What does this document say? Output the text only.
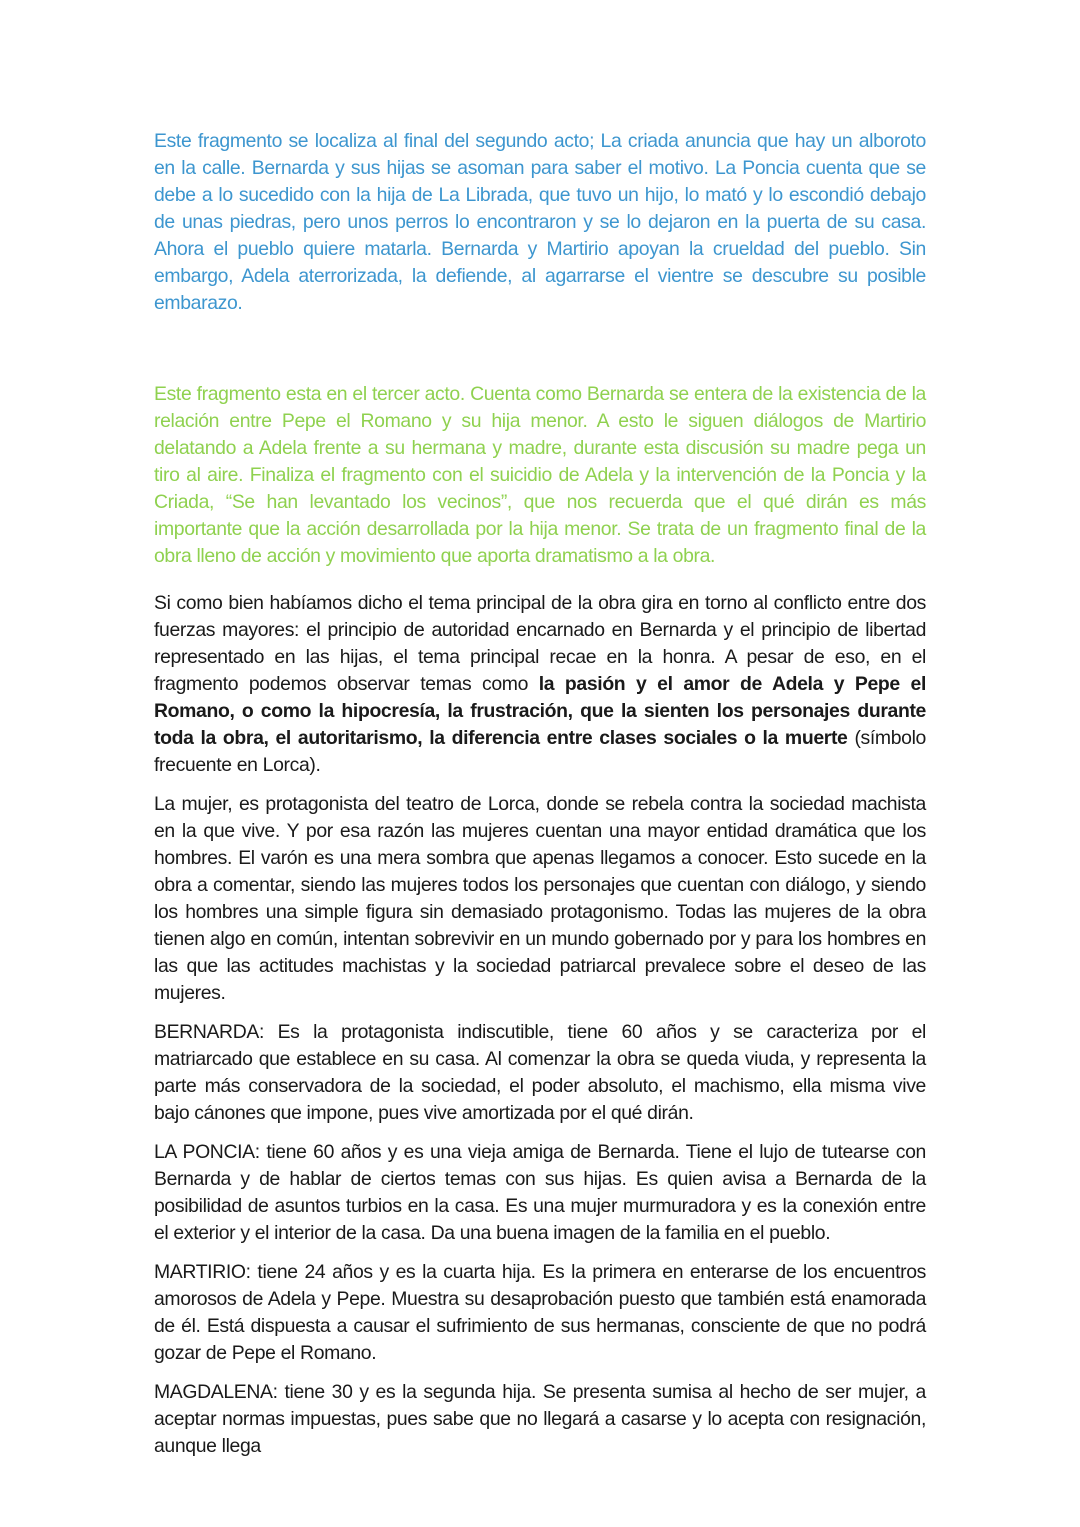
Este fragmento se localiza al final del segundo acto; La criada anuncia que hay un alboroto en la calle. Bernarda y sus hijas se asoman para saber el motivo. La Poncia cuenta que se debe a lo sucedido con la hija de La Librada, que tuvo un hijo, lo mató y lo escondió debajo de unas piedras, pero unos perros lo encontraron y se lo dejaron en la puerta de su casa. Ahora el pueblo quiere matarla. Bernarda y Martirio apoyan la crueldad del pueblo. Sin embargo, Adela aterrorizada, la defiende, al agarrarse el vientre se descubre su posible embarazo.

Este fragmento esta en el tercer acto. Cuenta como Bernarda se entera de la existencia de la relación entre Pepe el Romano y su hija menor. A esto le siguen diálogos de Martirio delatando a Adela frente a su hermana y madre, durante esta discusión su madre pega un tiro al aire. Finaliza el fragmento con el suicidio de Adela y la intervención de la Poncia y la Criada, “Se han levantado los vecinos”, que nos recuerda que el qué dirán es más importante que la acción desarrollada por la hija menor. Se trata de un fragmento final de la obra lleno de acción y movimiento que aporta dramatismo a la obra.

Si como bien habíamos dicho el tema principal de la obra gira en torno al conflicto entre dos fuerzas mayores: el principio de autoridad encarnado en Bernarda y el principio de libertad representado en las hijas, el tema principal recae en la honra. A pesar de eso, en el fragmento podemos observar temas como la pasión y el amor de Adela y Pepe el Romano, o como la hipocresía, la frustración, que la sienten los personajes durante toda la obra, el autoritarismo, la diferencia entre clases sociales o la muerte (símbolo frecuente en Lorca).

La mujer, es protagonista del teatro de Lorca, donde se rebela contra la sociedad machista en la que vive. Y por esa razón las mujeres cuentan una mayor entidad dramática que los hombres. El varón es una mera sombra que apenas llegamos a conocer. Esto sucede en la obra a comentar, siendo las mujeres todos los personajes que cuentan con diálogo, y siendo los hombres una simple figura sin demasiado protagonismo. Todas las mujeres de la obra tienen algo en común, intentan sobrevivir en un mundo gobernado por y para los hombres en las que las actitudes machistas y la sociedad patriarcal prevalece sobre el deseo de las mujeres.

BERNARDA: Es la protagonista indiscutible, tiene 60 años y se caracteriza por el matriarcado que establece en su casa. Al comenzar la obra se queda viuda, y representa la parte más conservadora de la sociedad, el poder absoluto, el machismo, ella misma vive bajo cánones que impone, pues vive amortizada por el qué dirán.

LA PONCIA: tiene 60 años y es una vieja amiga de Bernarda. Tiene el lujo de tutearse con Bernarda y de hablar de ciertos temas con sus hijas. Es quien avisa a Bernarda de la posibilidad de asuntos turbios en la casa. Es una mujer murmuradora y es la conexión entre el exterior y el interior de la casa. Da una buena imagen de la familia en el pueblo.

MARTIRIO: tiene 24 años y es la cuarta hija. Es la primera en enterarse de los encuentros amorosos de Adela y Pepe. Muestra su desaprobación puesto que también está enamorada de él. Está dispuesta a causar el sufrimiento de sus hermanas, consciente de que no podrá gozar de Pepe el Romano.

MAGDALENA: tiene 30 y es la segunda hija. Se presenta sumisa al hecho de ser mujer, a aceptar normas impuestas, pues sabe que no llegará a casarse y lo acepta con resignación, aunque llega
